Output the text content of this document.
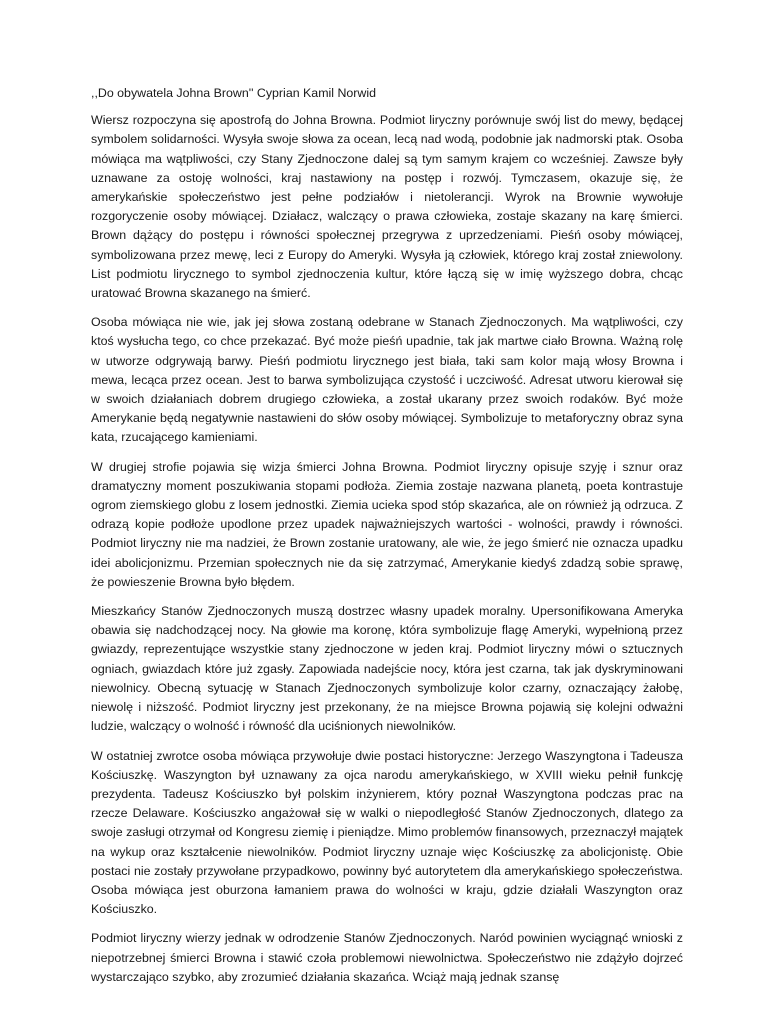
,,Do obywatela Johna Brown'' Cyprian Kamil Norwid

Wiersz rozpoczyna się apostrofą do Johna Browna. Podmiot liryczny porównuje swój list do mewy, będącej symbolem solidarności. Wysyła swoje słowa za ocean, lecą nad wodą, podobnie jak nadmorski ptak. Osoba mówiąca ma wątpliwości, czy Stany Zjednoczone dalej są tym samym krajem co wcześniej. Zawsze były uznawane za ostoję wolności, kraj nastawiony na postęp i rozwój. Tymczasem, okazuje się, że amerykańskie społeczeństwo jest pełne podziałów i nietolerancji. Wyrok na Brownie wywołuje rozgoryczenie osoby mówiącej. Działacz, walczący o prawa człowieka, zostaje skazany na karę śmierci. Brown dążący do postępu i równości społecznej przegrywa z uprzedzeniami. Pieśń osoby mówiącej, symbolizowana przez mewę, leci z Europy do Ameryki. Wysyła ją człowiek, którego kraj został zniewolony. List podmiotu lirycznego to symbol zjednoczenia kultur, które łączą się w imię wyższego dobra, chcąc uratować Browna skazanego na śmierć.

Osoba mówiąca nie wie, jak jej słowa zostaną odebrane w Stanach Zjednoczonych. Ma wątpliwości, czy ktoś wysłucha tego, co chce przekazać. Być może pieśń upadnie, tak jak martwe ciało Browna. Ważną rolę w utworze odgrywają barwy. Pieśń podmiotu lirycznego jest biała, taki sam kolor mają włosy Browna i mewa, lecąca przez ocean. Jest to barwa symbolizująca czystość i uczciwość. Adresat utworu kierował się w swoich działaniach dobrem drugiego człowieka, a został ukarany przez swoich rodaków. Być może Amerykanie będą negatywnie nastawieni do słów osoby mówiącej. Symbolizuje to metaforyczny obraz syna kata, rzucającego kamieniami.

W drugiej strofie pojawia się wizja śmierci Johna Browna. Podmiot liryczny opisuje szyję i sznur oraz dramatyczny moment poszukiwania stopami podłoża. Ziemia zostaje nazwana planetą, poeta kontrastuje ogrom ziemskiego globu z losem jednostki. Ziemia ucieka spod stóp skazańca, ale on również ją odrzuca. Z odrazą kopie podłoże upodlone przez upadek najważniejszych wartości - wolności, prawdy i równości. Podmiot liryczny nie ma nadziei, że Brown zostanie uratowany, ale wie, że jego śmierć nie oznacza upadku idei abolicjonizmu. Przemian społecznych nie da się zatrzymać, Amerykanie kiedyś zdadzą sobie sprawę, że powieszenie Browna było błędem.

Mieszkańcy Stanów Zjednoczonych muszą dostrzec własny upadek moralny. Upersonifikowana Ameryka obawia się nadchodzącej nocy. Na głowie ma koronę, która symbolizuje flagę Ameryki, wypełnioną przez gwiazdy, reprezentujące wszystkie stany zjednoczone w jeden kraj. Podmiot liryczny mówi o sztucznych ogniach, gwiazdach które już zgasły. Zapowiada nadejście nocy, która jest czarna, tak jak dyskryminowani niewolnicy. Obecną sytuację w Stanach Zjednoczonych symbolizuje kolor czarny, oznaczający żałobę, niewolę i niższość. Podmiot liryczny jest przekonany, że na miejsce Browna pojawią się kolejni odważni ludzie, walczący o wolność i równość dla uciśnionych niewolników.

W ostatniej zwrotce osoba mówiąca przywołuje dwie postaci historyczne: Jerzego Waszyngtona i Tadeusza Kościuszkę. Waszyngton był uznawany za ojca narodu amerykańskiego, w XVIII wieku pełnił funkcję prezydenta. Tadeusz Kościuszko był polskim inżynierem, który poznał Waszyngtona podczas prac na rzecze Delaware. Kościuszko angażował się w walki o niepodległość Stanów Zjednoczonych, dlatego za swoje zasługi otrzymał od Kongresu ziemię i pieniądze. Mimo problemów finansowych, przeznaczył majątek na wykup oraz kształcenie niewolników. Podmiot liryczny uznaje więc Kościuszkę za abolicjonistę. Obie postaci nie zostały przywołane przypadkowo, powinny być autorytetem dla amerykańskiego społeczeństwa. Osoba mówiąca jest oburzona łamaniem prawa do wolności w kraju, gdzie działali Waszyngton oraz Kościuszko.

Podmiot liryczny wierzy jednak w odrodzenie Stanów Zjednoczonych. Naród powinien wyciągnąć wnioski z niepotrzebnej śmierci Browna i stawić czoła problemowi niewolnictwa. Społeczeństwo nie zdążyło dojrzeć wystarczająco szybko, aby zrozumieć działania skazańca. Wciąż mają jednak szansę
